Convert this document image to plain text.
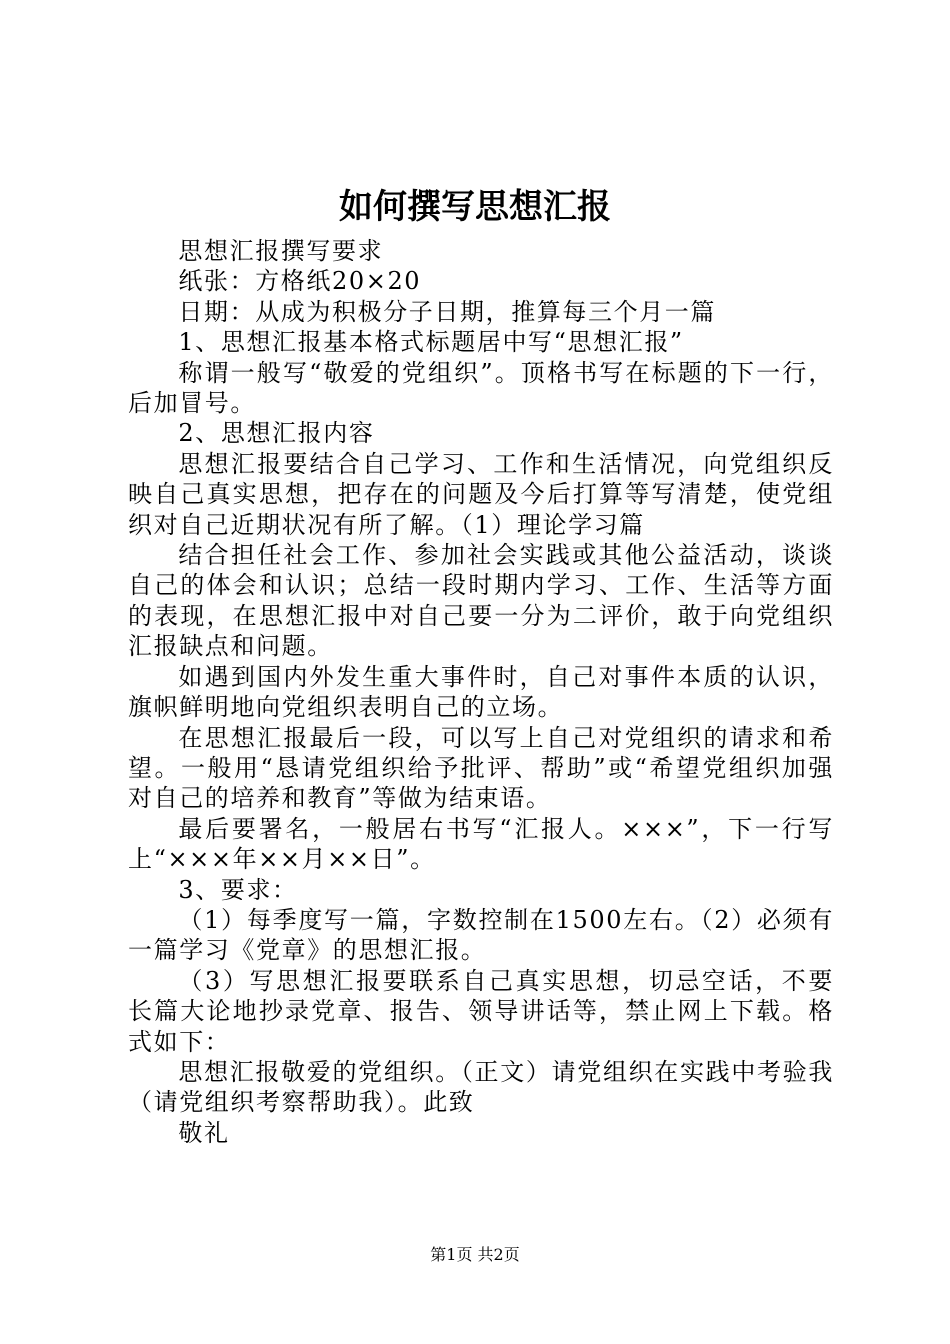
如何撰写思想汇报

思想汇报撰写要求

纸张：方格纸20×20

日期：从成为积极分子日期，推算每三个月一篇

1、思想汇报基本格式标题居中写“思想汇报”

称谓一般写“敬爱的党组织”。顶格书写在标题的下一行，后加冒号。

2、思想汇报内容

思想汇报要结合自己学习、工作和生活情况，向党组织反映自己真实思想，把存在的问题及今后打算等写清楚，使党组织对自己近期状况有所了解。（1）理论学习篇

结合担任社会工作、参加社会实践或其他公益活动，谈谈自己的体会和认识；总结一段时期内学习、工作、生活等方面的表现，在思想汇报中对自己要一分为二评价，敢于向党组织汇报缺点和问题。

如遇到国内外发生重大事件时，自己对事件本质的认识，旗帜鲜明地向党组织表明自己的立场。

在思想汇报最后一段，可以写上自己对党组织的请求和希望。一般用“恳请党组织给予批评、帮助”或“希望党组织加强对自己的培养和教育”等做为结束语。

最后要署名，一般居右书写“汇报人。×××”，下一行写上“×××年××月××日”。

3、要求：

（1）每季度写一篇，字数控制在1500左右。（2）必须有一篇学习《党章》的思想汇报。

（3）写思想汇报要联系自己真实思想，切忌空话，不要长篇大论地抄录党章、报告、领导讲话等，禁止网上下载。格式如下：

思想汇报敬爱的党组织。（正文）请党组织在实践中考验我（请党组织考察帮助我）。此致

敬礼

第1页 共2页
